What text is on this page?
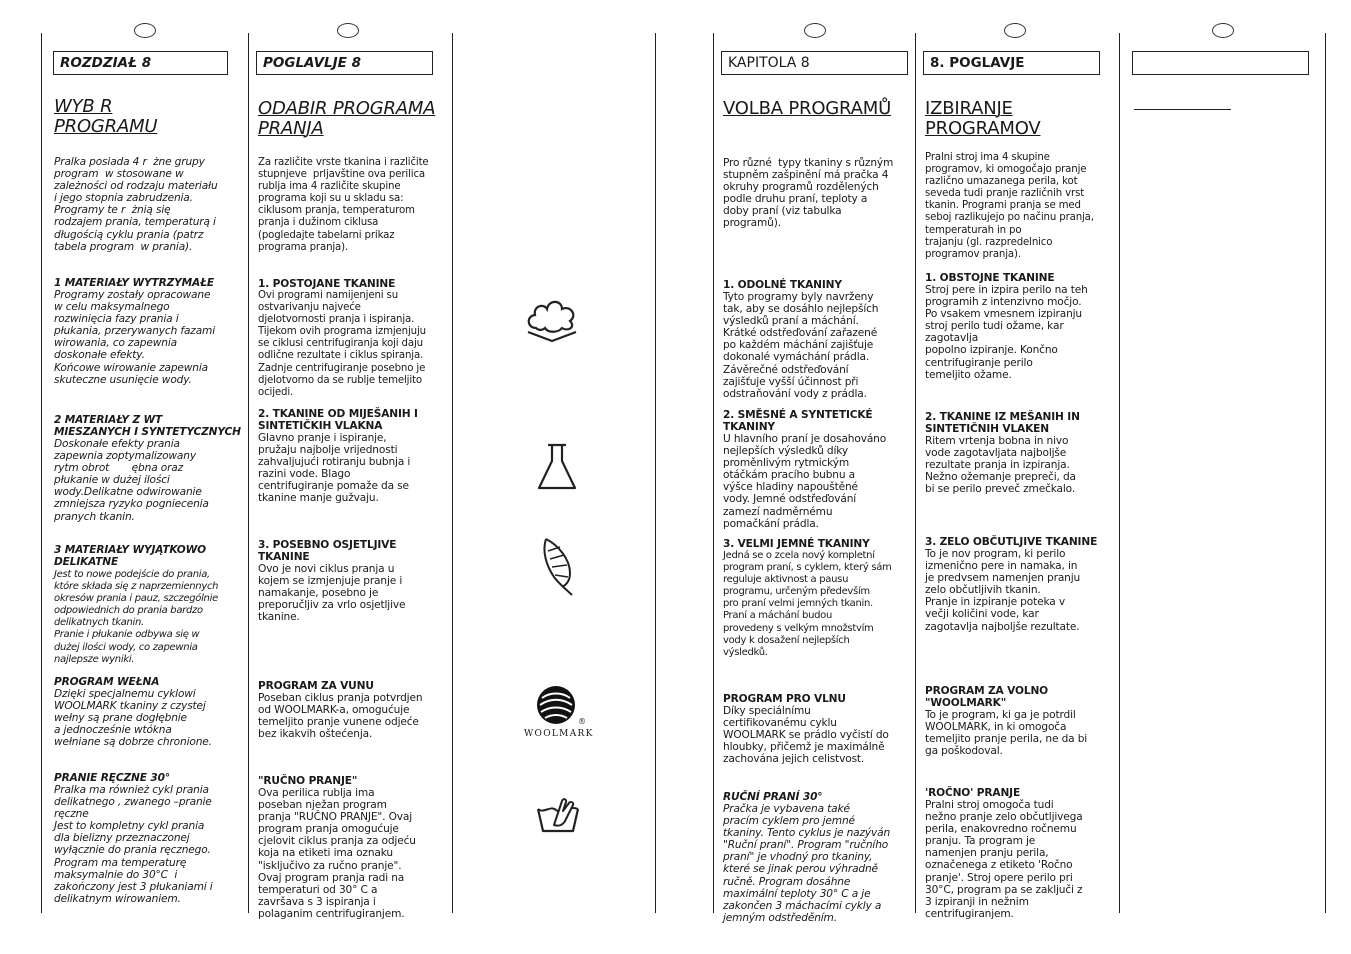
ROZDZIAŁ 8
WYB R
PROGRAMU
Pralka posiada 4 r  żne grupy
program  w stosowane w
zależności od rodzaju materiału
i jego stopnia zabrudzenia.
Programy te r  żnią się
rodzajem prania, temperaturą i
długością cyklu prania (patrz
tabela program  w prania).
1 MATERIAŁY WYTRZYMAŁE
Programy zostały opracowane
w celu maksymalnego
rozwinięcia fazy prania i
płukania, przerywanych fazami
wirowania, co zapewnia
doskonałe efekty.
Końcowe wirowanie zapewnia
skuteczne usunięcie wody.
2 MATERIAŁY Z WT
MIESZANYCH I SYNTETYCZNYCH
Doskonałe efekty prania
zapewnia zoptymalizowany
rytm obrot       ębna oraz
płukanie w dużej ilości
wody.Delikatne odwirowanie
zmniejsza ryzyko pogniecenia
pranych tkanin.
3 MATERIAŁY WYJĄTKOWO
DELIKATNE
Jest to nowe podejście do prania,
które składa się z naprzemiennych
okresów prania i pauz, szczególnie
odpowiednich do prania bardzo
delikatnych tkanin.
Pranie i płukanie odbywa się w
dużej ilości wody, co zapewnia
najlepsze wyniki.
PROGRAM WEŁNA
Dzięki specjalnemu cyklowi
WOOLMARK tkaniny z czystej
wełny są prane dogłębnie
a jednocześnie wtókna
wełniane są dobrze chronione.
PRANIE RĘCZNE 30°
Pralka ma również cykl prania
delikatnego , zwanego –pranie
ręczne
Jest to kompletny cykl prania
dla bielizny przeznaczonej
wyłącznie do prania ręcznego.
Program ma temperaturę
maksymalnie do 30°C  i
zakończony jest 3 płukaniami i
delikatnym wirowaniem.
POGLAVLJE 8
ODABIR PROGRAMA
PRANJA
Za različite vrste tkanina i različite
stupnjeve  prljavštine ova perilica
rublja ima 4 različite skupine
programa koji su u skladu sa:
ciklusom pranja, temperaturom
pranja i dužinom ciklusa
(pogledajte tabelarni prikaz
programa pranja).
1. POSTOJANE TKANINE
Ovi programi namijenjeni su
ostvarivanju najveće
djelotvornosti pranja i ispiranja.
Tijekom ovih programa izmjenjuju
se ciklusi centrifugiranja koji daju
odlične rezultate i ciklus spiranja.
Zadnje centrifugiranje posebno je
djelotvorno da se rublje temeljito
ocijedi.
2. TKANINE OD MIJEŠANIH I
SINTETIČKIH VLAKNA
Glavno pranje i ispiranje,
pružaju najbolje vrijednosti
zahvaljujući rotiranju bubnja i
razini vode. Blago
centrifugiranje pomaže da se
tkanine manje gužvaju.
3. POSEBNO OSJETLJIVE
TKANINE
Ovo je novi ciklus pranja u
kojem se izmjenjuje pranje i
namakanje, posebno je
preporučljiv za vrlo osjetljive
tkanine.
PROGRAM ZA VUNU
Poseban ciklus pranja potvrdjen
od WOOLMARK-a, omogućuje
temeljito pranje vunene odjeće
bez ikakvih oštećenja.
"RUČNO PRANJE"
Ova perilica rublja ima
poseban nježan program
pranja "RUČNO PRANJE". Ovaj
program pranja omogućuje
cjelovit ciklus pranja za odjeću
koja na etiketi ima oznaku
"isključivo za ručno pranje".
Ovaj program pranja radi na
temperaturi od 30° C a
završava s 3 ispiranja i
polaganim centrifugiranjem.
®
WOOLMARK
KAPITOLA 8
VOLBA PROGRAMŮ
Pro různé  typy tkaniny s různým
stupněm zašpinění má pračka 4
okruhy programů rozdělených
podle druhu praní, teploty a
doby praní (viz tabulka
programů).
1. ODOLNÉ TKANINY
Tyto programy byly navrženy
tak, aby se dosáhlo nejlepších
výsledků praní a máchání.
Krátké odstřeďování zařazené
po každém máchání zajišťuje
dokonalé vymáchání prádla.
Závěrečné odstřeďování
zajišťuje vyšší účinnost při
odstraňování vody z prádla.
2. SMĚSNÉ A SYNTETICKÉ
TKANINY
U hlavního praní je dosahováno
nejlepších výsledků díky
proměnlivým rytmickým
otáčkám pracího bubnu a
výšce hladiny napouštěné
vody. Jemné odstřeďování
zamezí nadměrnému
pomačkání prádla.
3. VELMI JEMNÉ TKANINY
Jedná se o zcela nový kompletní
program praní, s cyklem, který sám
reguluje aktivnost a pausu
programu, určeným především
pro praní velmi jemných tkanin.
Praní a máchání budou
provedeny s velkým množstvím
vody k dosažení nejlepších
výsledků.
PROGRAM PRO VLNU
Díky speciálnímu
certifikovanému cyklu
WOOLMARK se prádlo vyčistí do
hloubky, přičemž je maximálně
zachována jejich celistvost.
RUČNÍ PRANÍ 30°
Pračka je vybavena také
pracím cyklem pro jemné
tkaniny. Tento cyklus je nazýván
"Ruční praní". Program "ručního
praní" je vhodný pro tkaniny,
které se jinak perou výhradně
ručně. Program dosáhne
maximální teploty 30° C a je
zakončen 3 máchacími cykly a
jemným odstředěním.
8. POGLAVJE
IZBIRANJE
PROGRAMOV
Pralni stroj ima 4 skupine
programov, ki omogočajo pranje
različno umazanega perila, kot
seveda tudi pranje različnih vrst
tkanin. Programi pranja se med
seboj razlikujejo po načinu pranja,
temperaturah in po
trajanju (gl. razpredelnico
programov pranja).
1. OBSTOJNE TKANINE
Stroj pere in izpira perilo na teh
programih z intenzivno močjo.
Po vsakem vmesnem izpiranju
stroj perilo tudi ožame, kar
zagotavlja
popolno izpiranje. Končno
centrifugiranje perilo
temeljito ožame.
2. TKANINE IZ MEŠANIH IN
SINTETIČNIH VLAKEN
Ritem vrtenja bobna in nivo
vode zagotavljata najboljše
rezultate pranja in izpiranja.
Nežno ožemanje prepreči, da
bi se perilo preveč zmečkalo.
3. ZELO OBČUTLJIVE TKANINE
To je nov program, ki perilo
izmenično pere in namaka, in
je predvsem namenjen pranju
zelo občutljivih tkanin.
Pranje in izpiranje poteka v
večji količini vode, kar
zagotavlja najboljše rezultate.
PROGRAM ZA VOLNO
"WOOLMARK"
To je program, ki ga je potrdil
WOOLMARK, in ki omogoča
temeljito pranje perila, ne da bi
ga poškodoval.
'ROČNO' PRANJE
Pralni stroj omogoča tudi
nežno pranje zelo občutljivega
perila, enakovredno ročnemu
pranju. Ta program je
namenjen pranju perila,
označenega z etiketo 'Ročno
pranje'. Stroj opere perilo pri
30°C, program pa se zaključi z
3 izpiranji in nežnim
centrifugiranjem.
